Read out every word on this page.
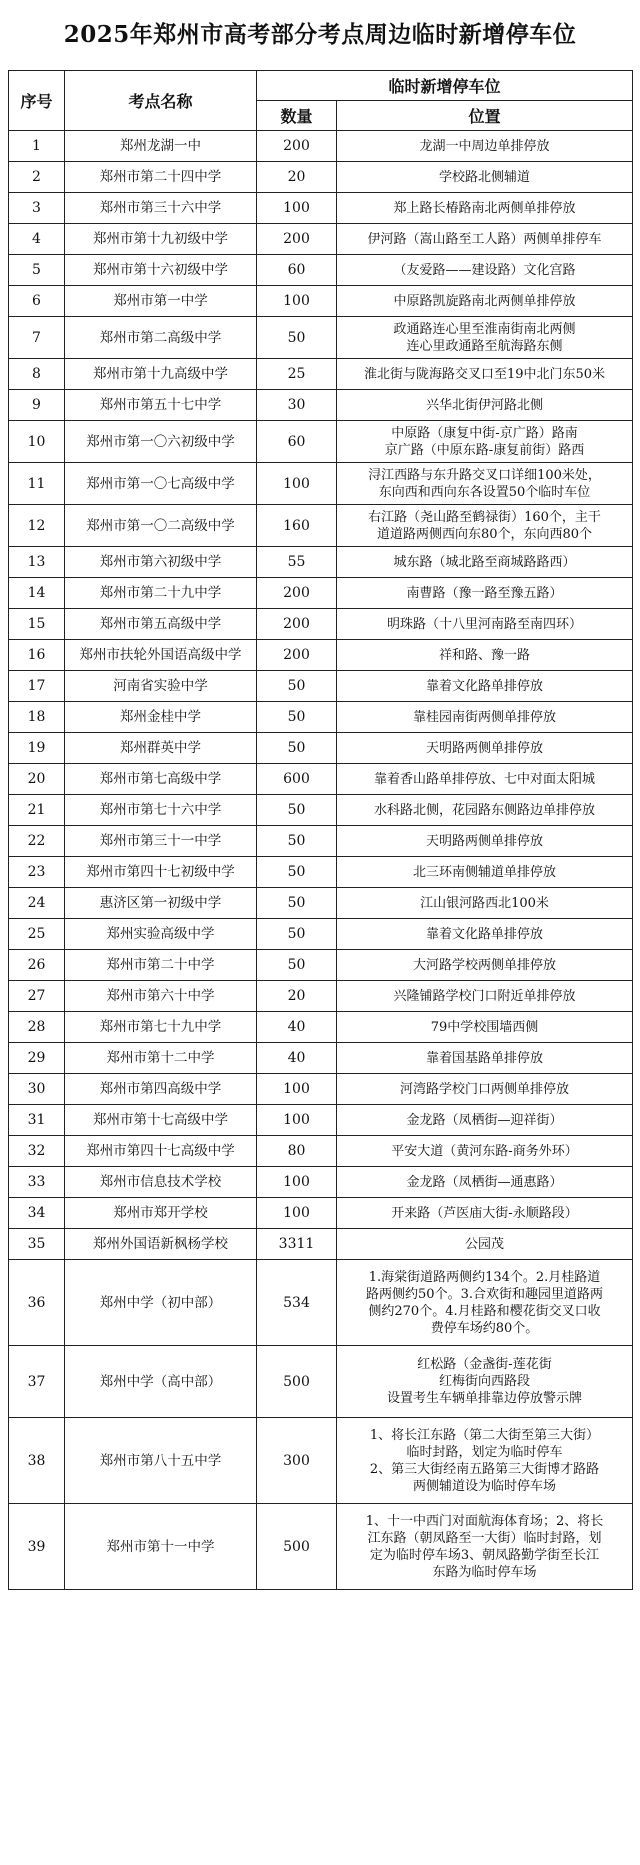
2025年郑州市高考部分考点周边临时新增停车位
序号	考点名称	临时新增停车位	
		数量	位置
1	郑州龙湖一中	200	龙湖一中周边单排停放
2	郑州市第二十四中学	20	学校路北侧辅道
3	郑州市第三十六中学	100	郑上路长椿路南北两侧单排停放
4	郑州市第十九初级中学	200	伊河路（嵩山路至工人路）两侧单排停车
5	郑州市第十六初级中学	60	（友爱路——建设路）文化宫路
6	郑州市第一中学	100	中原路凯旋路南北两侧单排停放
7	郑州市第二高级中学	50	政通路连心里至淮南街南北两侧
连心里政通路至航海路东侧
8	郑州市第十九高级中学	25	淮北街与陇海路交叉口至19中北门东50米
9	郑州市第五十七中学	30	兴华北街伊河路北侧
10	郑州市第一〇六初级中学	60	中原路（康复中街-京广路）路南
京广路（中原东路-康复前街）路西
11	郑州市第一〇七高级中学	100	浔江西路与东升路交叉口详细100米处，
东向西和西向东各设置50个临时车位
12	郑州市第一〇二高级中学	160	右江路（尧山路至鹤禄街）160个，主干
道道路两侧西向东80个，东向西80个
13	郑州市第六初级中学	55	城东路（城北路至商城路路西）
14	郑州市第二十九中学	200	南曹路（豫一路至豫五路）
15	郑州市第五高级中学	200	明珠路（十八里河南路至南四环）
16	郑州市扶轮外国语高级中学	200	祥和路、豫一路
17	河南省实验中学	50	靠着文化路单排停放
18	郑州金桂中学	50	靠桂园南街两侧单排停放
19	郑州群英中学	50	天明路两侧单排停放
20	郑州市第七高级中学	600	靠着香山路单排停放、七中对面太阳城
21	郑州市第七十六中学	50	水科路北侧，花园路东侧路边单排停放
22	郑州市第三十一中学	50	天明路两侧单排停放
23	郑州市第四十七初级中学	50	北三环南侧辅道单排停放
24	惠济区第一初级中学	50	江山银河路西北100米
25	郑州实验高级中学	50	靠着文化路单排停放
26	郑州市第二十中学	50	大河路学校两侧单排停放
27	郑州市第六十中学	20	兴隆铺路学校门口附近单排停放
28	郑州市第七十九中学	40	79中学校围墙西侧
29	郑州市第十二中学	40	靠着国基路单排停放
30	郑州市第四高级中学	100	河湾路学校门口两侧单排停放
31	郑州市第十七高级中学	100	金龙路（凤栖街—迎祥街）
32	郑州市第四十七高级中学	80	平安大道（黄河东路-商务外环）
33	郑州市信息技术学校	100	金龙路（凤栖街—通惠路）
34	郑州市郑开学校	100	开来路（芦医庙大街-永顺路段）
35	郑州外国语新枫杨学校	3311	公园茂
36	郑州中学（初中部）	534	1.海棠街道路两侧约134个。2.月桂路道
路两侧约50个。3.合欢街和趣园里道路两
侧约270个。4.月桂路和樱花街交叉口收
费停车场约80个。
37	郑州中学（高中部）	500	红松路（金盏街-莲花街
红梅街向西路段
设置考生车辆单排靠边停放警示牌
38	郑州市第八十五中学	300	1、将长江东路（第二大街至第三大街）
临时封路，划定为临时停车
2、第三大街经南五路第三大街博才路路
两侧辅道设为临时停车场
39	郑州市第十一中学	500	1、十一中西门对面航海体育场；2、将长
江东路（朝凤路至一大街）临时封路，划
定为临时停车场3、朝凤路勤学街至长江
东路为临时停车场
